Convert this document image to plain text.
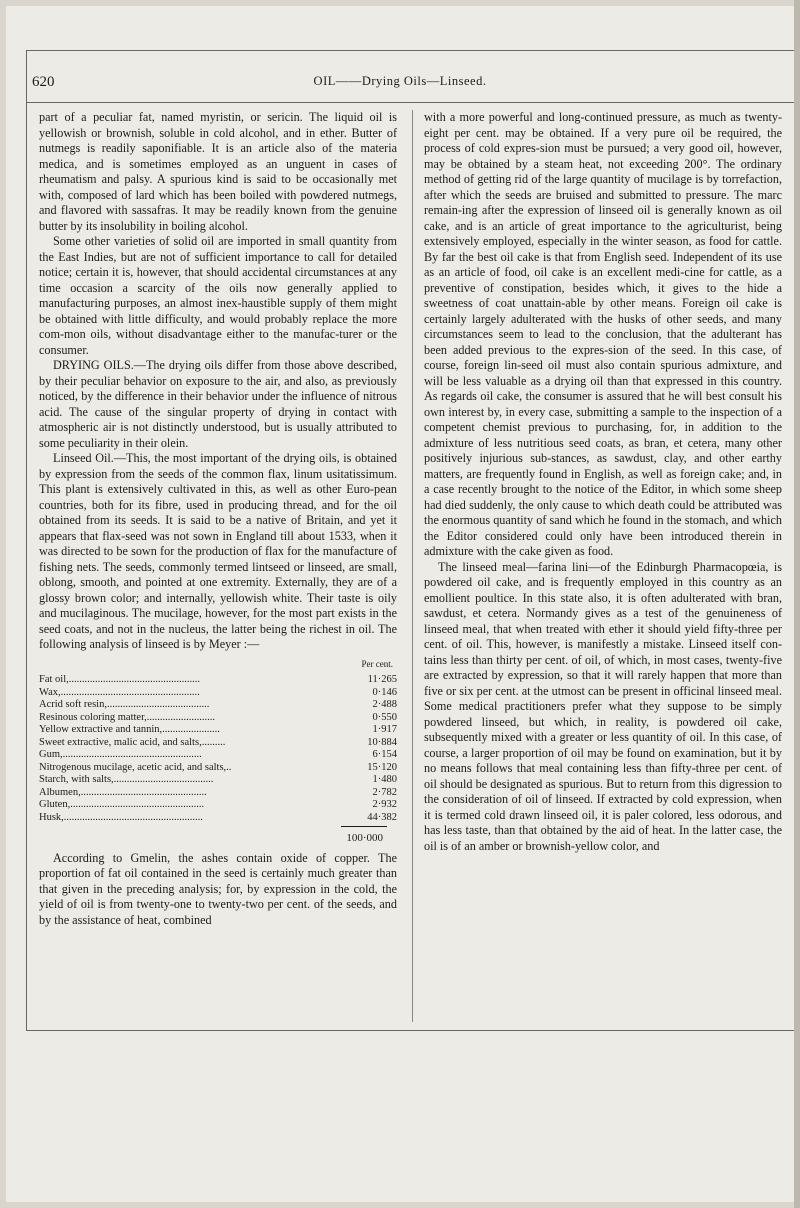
620	OIL——Drying Oils—Linseed.

part of a peculiar fat, named myristin, or sericin. The liquid oil is yellowish or brownish, soluble in cold alcohol, and in ether. Butter of nutmegs is readily saponifiable. It is an article also of the materia medica, and is sometimes employed as an unguent in cases of rheumatism and palsy. A spurious kind is said to be occasionally met with, composed of lard which has been boiled with powdered nutmegs, and flavored with sassafras. It may be readily known from the genuine butter by its insolubility in boiling alcohol.

Some other varieties of solid oil are imported in small quantity from the East Indies, but are not of sufficient importance to call for detailed notice; certain it is, however, that should accidental circumstances at any time occasion a scarcity of the oils now generally applied to manufacturing purposes, an almost inex-haustible supply of them might be obtained with little difficulty, and would probably replace the more com-mon oils, without disadvantage either to the manufac-turer or the consumer.

DRYING OILS.—The drying oils differ from those above described, by their peculiar behavior on exposure to the air, and also, as previously noticed, by the difference in their behavior under the influence of nitrous acid. The cause of the singular property of drying in contact with atmospheric air is not distinctly understood, but is usually attributed to some peculiarity in their olein.

Linseed Oil.—This, the most important of the drying oils, is obtained by expression from the seeds of the common flax, linum usitatissimum. This plant is extensively cultivated in this, as well as other Euro-pean countries, both for its fibre, used in producing thread, and for the oil obtained from its seeds. It is said to be a native of Britain, and yet it appears that flax-seed was not sown in England till about 1533, when it was directed to be sown for the production of flax for the manufacture of fishing nets. The seeds, commonly termed lintseed or linseed, are small, oblong, smooth, and pointed at one extremity. Externally, they are of a glossy brown color; and internally, yellowish white. Their taste is oily and mucilaginous. The mucilage, however, for the most part exists in the seed coats, and not in the nucleus, the latter being the richest in oil. The following analysis of linseed is by Meyer :—

Per cent.
Fat oil,..................................................	11·265
Wax,.....................................................	0·146
Acrid soft resin,.......................................	2·488
Resinous coloring matter,..........................	0·550
Yellow extractive and tannin,......................	1·917
Sweet extractive, malic acid, and salts,.........	10·884
Gum,.....................................................	6·154
Nitrogenous mucilage, acetic acid, and salts,..	15·120
Starch, with salts,......................................	1·480
Albumen,................................................	2·782
Gluten,...................................................	2·932
Husk,.....................................................	44·382
100·000

According to Gmelin, the ashes contain oxide of copper. The proportion of fat oil contained in the seed is certainly much greater than that given in the preceding analysis; for, by expression in the cold, the yield of oil is from twenty-one to twenty-two per cent. of the seeds, and by the assistance of heat, combined

with a more powerful and long-continued pressure, as much as twenty-eight per cent. may be obtained. If a very pure oil be required, the process of cold expres-sion must be pursued; a very good oil, however, may be obtained by a steam heat, not exceeding 200°. The ordinary method of getting rid of the large quantity of mucilage is by torrefaction, after which the seeds are bruised and submitted to pressure. The marc remain-ing after the expression of linseed oil is generally known as oil cake, and is an article of great importance to the agriculturist, being extensively employed, especially in the winter season, as food for cattle. By far the best oil cake is that from English seed. Independent of its use as an article of food, oil cake is an excellent medi-cine for cattle, as a preventive of constipation, besides which, it gives to the hide a sweetness of coat unattain-able by other means. Foreign oil cake is certainly largely adulterated with the husks of other seeds, and many circumstances seem to lead to the conclusion, that the adulterant has been added previous to the expres-sion of the seed. In this case, of course, foreign lin-seed oil must also contain spurious admixture, and will be less valuable as a drying oil than that expressed in this country. As regards oil cake, the consumer is assured that he will best consult his own interest by, in every case, submitting a sample to the inspection of a competent chemist previous to purchasing, for, in addition to the admixture of less nutritious seed coats, as bran, et cetera, many other positively injurious sub-stances, as sawdust, clay, and other earthy matters, are frequently found in English, as well as foreign cake; and, in a case recently brought to the notice of the Editor, in which some sheep had died suddenly, the only cause to which death could be attributed was the enormous quantity of sand which he found in the stomach, and which the Editor considered could only have been introduced therein in admixture with the cake given as food.

The linseed meal—farina lini—of the Edinburgh Pharmacopœia, is powdered oil cake, and is frequently employed in this country as an emollient poultice. In this state also, it is often adulterated with bran, sawdust, et cetera. Normandy gives as a test of the genuineness of linseed meal, that when treated with ether it should yield fifty-three per cent. of oil. This, however, is manifestly a mistake. Linseed itself con-tains less than thirty per cent. of oil, of which, in most cases, twenty-five are extracted by expression, so that it will rarely happen that more than five or six per cent. at the utmost can be present in officinal linseed meal. Some medical practitioners prefer what they suppose to be simply powdered linseed, but which, in reality, is powdered oil cake, subsequently mixed with a greater or less quantity of oil. In this case, of course, a larger proportion of oil may be found on examination, but it by no means follows that meal containing less than fifty-three per cent. of oil should be designated as spurious. But to return from this digression to the consideration of oil of linseed. If extracted by cold expression, when it is termed cold drawn linseed oil, it is paler colored, less odorous, and has less taste, than that obtained by the aid of heat. In the latter case, the oil is of an amber or brownish-yellow color, and
